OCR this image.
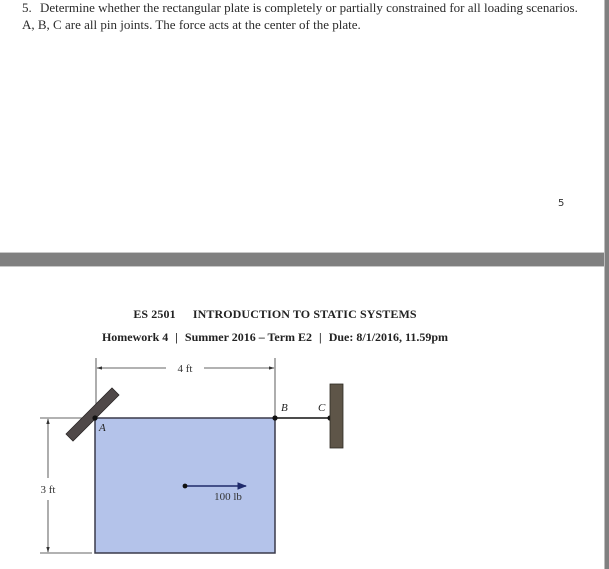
5. Determine whether the rectangular plate is completely or partially constrained for all loading scenarios.
A, B, C are all pin joints. The force acts at the center of the plate.
5
ES 2501 INTRODUCTION TO STATIC SYSTEMS
Homework 4 | Summer 2016 – Term E2 | Due: 8/1/2016, 11.59pm
4 ft
3 ft
A
B	C
100 lb
